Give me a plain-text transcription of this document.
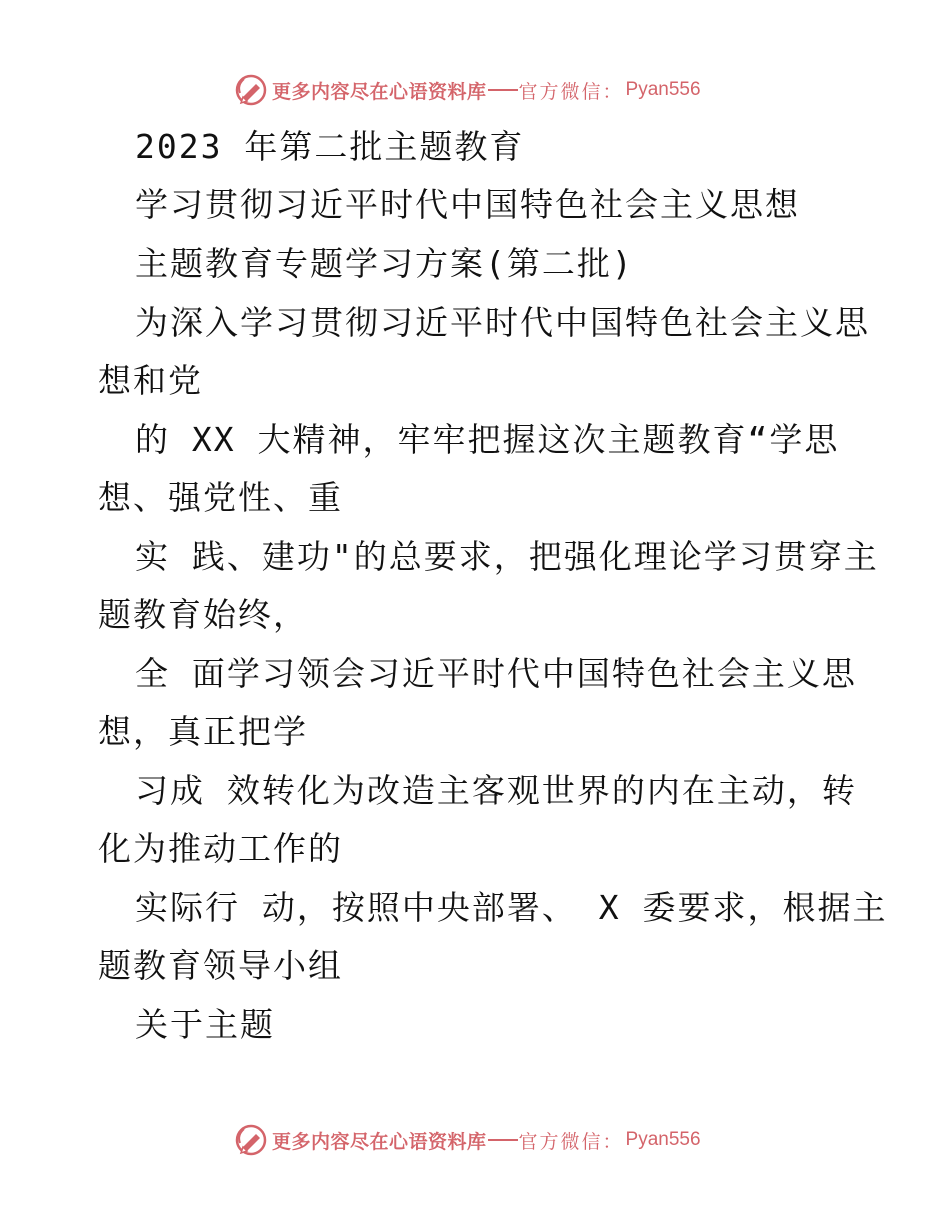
更多内容尽在心语资料库 官方微信： Pyan556
2023 年第二批主题教育
学习贯彻习近平时代中国特色社会主义思想
主题教育专题学习方案(第二批)
为深入学习贯彻习近平时代中国特色社会主义思
想和党
的 XX 大精神，牢牢把握这次主题教育“学思
想、强党性、重
实 践、建功"的总要求，把强化理论学习贯穿主
题教育始终，
全 面学习领会习近平时代中国特色社会主义思
想，真正把学
习成 效转化为改造主客观世界的内在主动，转
化为推动工作的
实际行 动，按照中央部署、 X 委要求，根据主
题教育领导小组
关于主题
更多内容尽在心语资料库 官方微信： Pyan556
